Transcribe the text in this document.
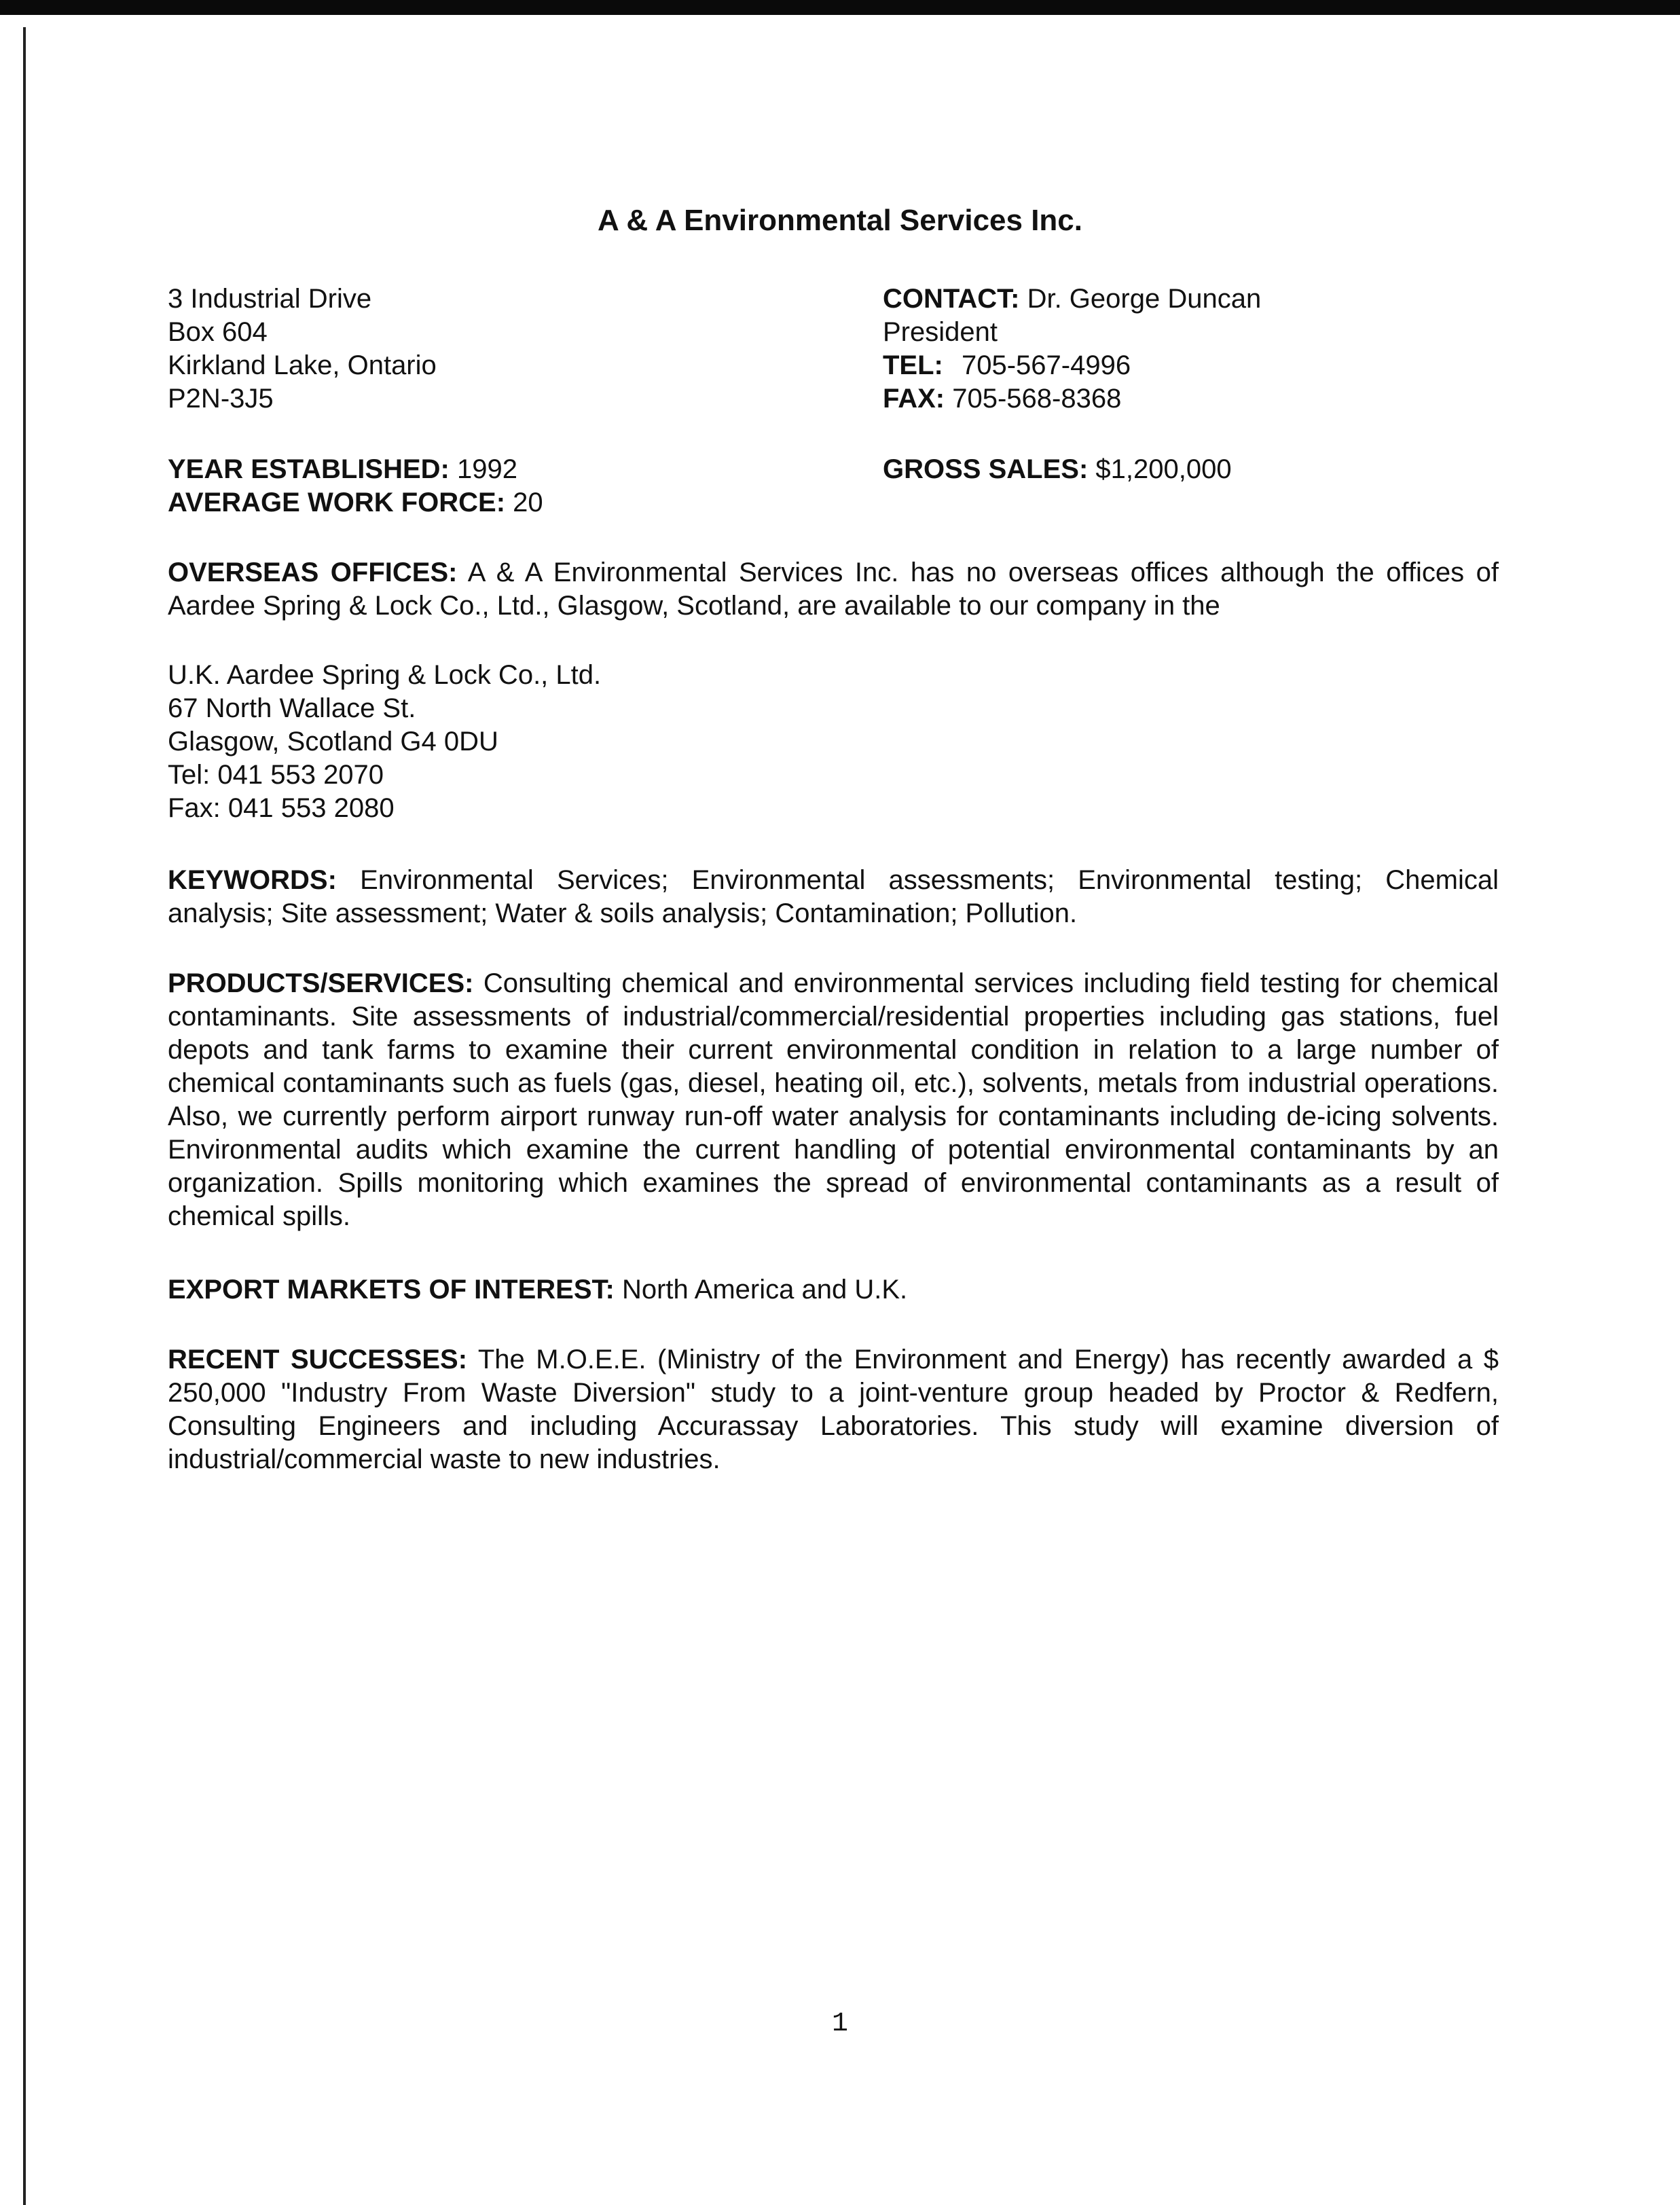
A & A Environmental Services Inc.
3 Industrial Drive
Box 604
Kirkland Lake, Ontario
P2N-3J5
CONTACT: Dr. George Duncan
President
TEL: 705-567-4996
FAX: 705-568-8368
YEAR ESTABLISHED: 1992
AVERAGE WORK FORCE: 20
GROSS SALES: $1,200,000
OVERSEAS OFFICES: A & A Environmental Services Inc. has no overseas offices although the offices of Aardee Spring & Lock Co., Ltd., Glasgow, Scotland, are available to our company in the
U.K. Aardee Spring & Lock Co., Ltd.
67 North Wallace St.
Glasgow, Scotland G4 0DU
Tel: 041 553 2070
Fax: 041 553 2080
KEYWORDS: Environmental Services; Environmental assessments; Environmental testing; Chemical analysis; Site assessment; Water & soils analysis; Contamination; Pollution.
PRODUCTS/SERVICES: Consulting chemical and environmental services including field testing for chemical contaminants. Site assessments of industrial/commercial/residential properties including gas stations, fuel depots and tank farms to examine their current environmental condition in relation to a large number of chemical contaminants such as fuels (gas, diesel, heating oil, etc.), solvents, metals from industrial operations. Also, we currently perform airport runway run-off water analysis for contaminants including de-icing solvents. Environmental audits which examine the current handling of potential environmental contaminants by an organization. Spills monitoring which examines the spread of environmental contaminants as a result of chemical spills.
EXPORT MARKETS OF INTEREST: North America and U.K.
RECENT SUCCESSES: The M.O.E.E. (Ministry of the Environment and Energy) has recently awarded a $ 250,000 "Industry From Waste Diversion" study to a joint-venture group headed by Proctor & Redfern, Consulting Engineers and including Accurassay Laboratories. This study will examine diversion of industrial/commercial waste to new industries.
1
